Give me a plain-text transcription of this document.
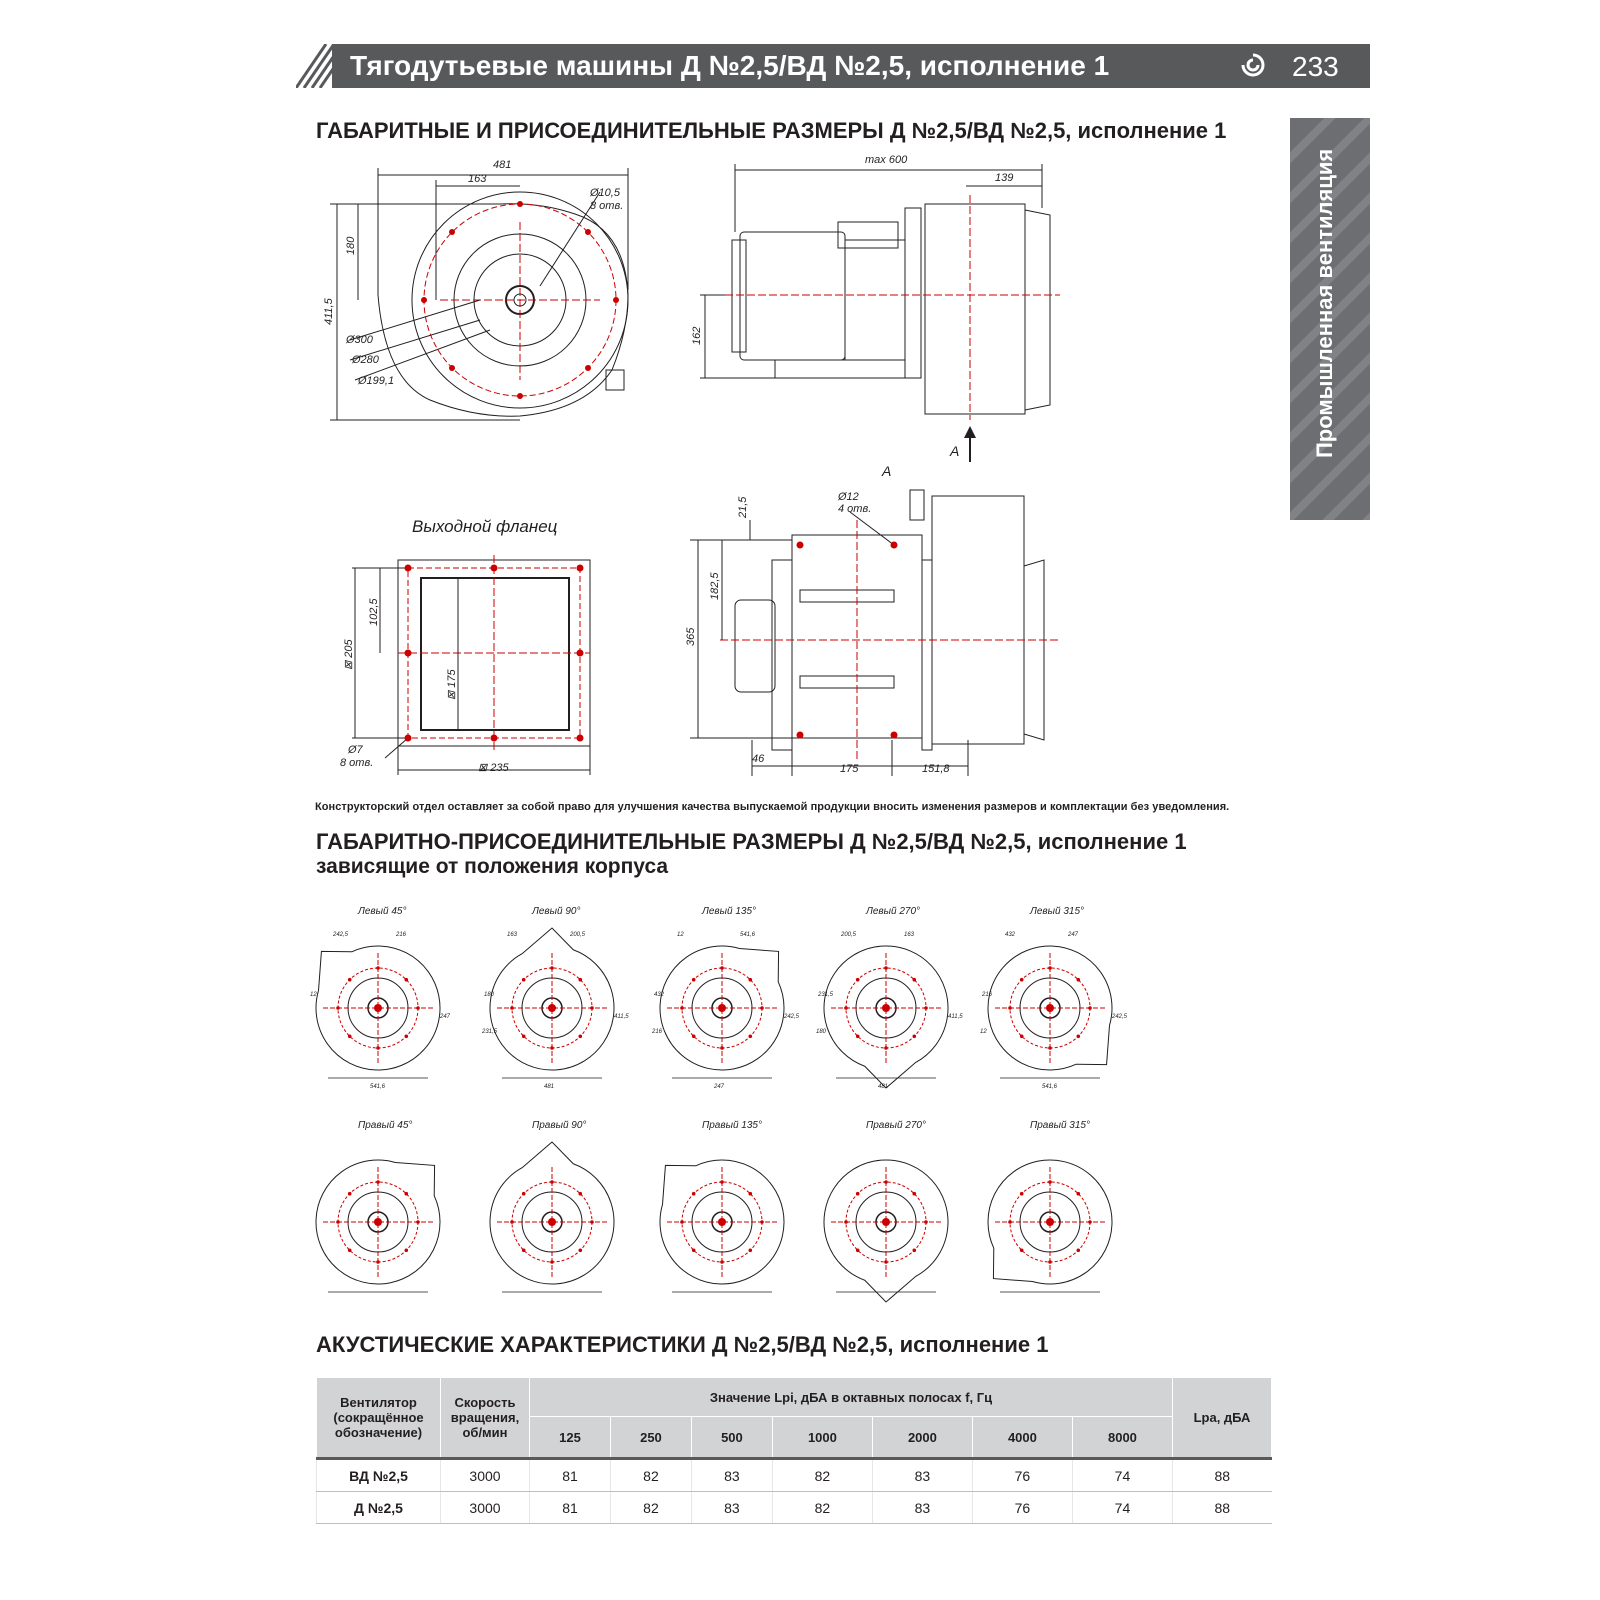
Тягодутьевые машины Д №2,5/ВД №2,5, исполнение 1	233
Промышленная вентиляция
ГАБАРИТНЫЕ И ПРИСОЕДИНИТЕЛЬНЫЕ РАЗМЕРЫ Д №2,5/ВД №2,5, исполнение 1
481
163
Ø10,5
8 отв.
411,5
180
Ø300
Ø280
Ø199,1
max 600
139
162
А
Выходной фланец
102,5
⊠ 205
⊠ 175
⊠ 235
Ø7
8 отв.
А
Ø12
4 отв.
21,5
182,5
365
46
175	151,8
Левый 45°
242,5	216
541,6
12
247
Левый 90°
163	200,5
481
180
411,5
231,5
Левый 135°
12	541,6
247
432
242,5
216
Левый 270°
200,5	163
481
231,5
411,5
180
Левый 315°
432	247
541,6
216
242,5
12
Правый 45°	Правый 90°	Правый 135°	Правый 270°	Правый 315°
Конструкторский отдел оставляет за собой право для улучшения качества выпускаемой продукции вносить изменения размеров и комплектации без уведомления.
ГАБАРИТНО-ПРИСОЕДИНИТЕЛЬНЫЕ РАЗМЕРЫ Д №2,5/ВД №2,5, исполнение 1
зависящие от положения корпуса
АКУСТИЧЕСКИЕ ХАРАКТЕРИСТИКИ Д №2,5/ВД №2,5, исполнение 1
Вентилятор (сокращённое обозначение)	Скорость вращения, об/мин	Значение Lpi, дБА в октавных полосах f, Гц							Lpa, дБА
		125	250	500	1000	2000	4000	8000	
ВД №2,5	3000	81	82	83	82	83	76	74	88
Д №2,5	3000	81	82	83	82	83	76	74	88
